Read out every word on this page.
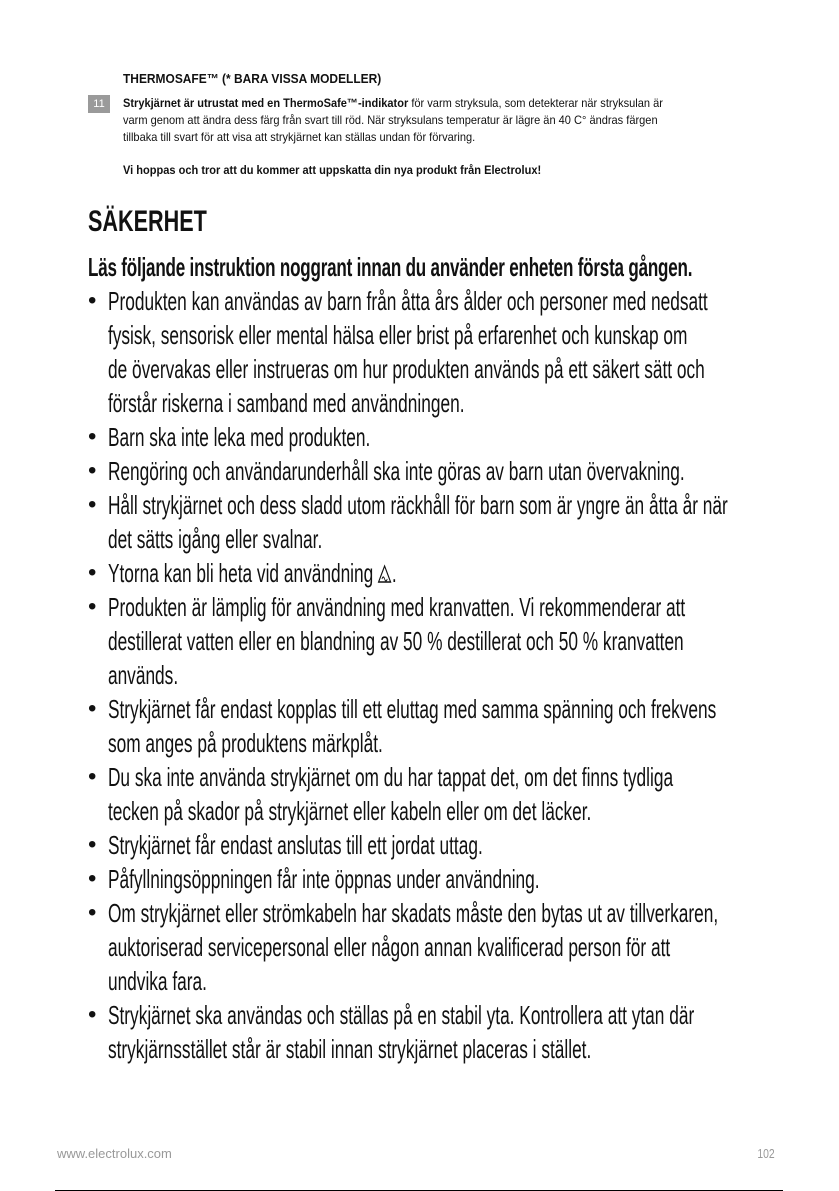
THERMOSAFE™ (* BARA VISSA MODELLER)
11	Strykjärnet är utrustat med en ThermoSafe™-indikator för varm stryksula, som detekterar när stryksulan är
varm genom att ändra dess färg från svart till röd. När stryksulans temperatur är lägre än 40 C° ändras färgen
tillbaka till svart för att visa att strykjärnet kan ställas undan för förvaring.
Vi hoppas och tror att du kommer att uppskatta din nya produkt från Electrolux!
SÄKERHET
Läs följande instruktion noggrant innan du använder enheten första gången.
• Produkten kan användas av barn från åtta års ålder och personer med nedsatt
fysisk, sensorisk eller mental hälsa eller brist på erfarenhet och kunskap om
de övervakas eller instrueras om hur produkten används på ett säkert sätt och
förstår riskerna i samband med användningen.
• Barn ska inte leka med produkten.
• Rengöring och användarunderhåll ska inte göras av barn utan övervakning.
• Håll strykjärnet och dess sladd utom räckhåll för barn som är yngre än åtta år när
det sätts igång eller svalnar.
• Ytorna kan bli heta vid användning .
• Produkten är lämplig för användning med kranvatten. Vi rekommenderar att
destillerat vatten eller en blandning av 50 % destillerat och 50 % kranvatten
används.
• Strykjärnet får endast kopplas till ett eluttag med samma spänning och frekvens
som anges på produktens märkplåt.
• Du ska inte använda strykjärnet om du har tappat det, om det finns tydliga
tecken på skador på strykjärnet eller kabeln eller om det läcker.
• Strykjärnet får endast anslutas till ett jordat uttag.
• Påfyllningsöppningen får inte öppnas under användning.
• Om strykjärnet eller strömkabeln har skadats måste den bytas ut av tillverkaren,
auktoriserad servicepersonal eller någon annan kvalificerad person för att
undvika fara.
• Strykjärnet ska användas och ställas på en stabil yta. Kontrollera att ytan där
strykjärnsstället står är stabil innan strykjärnet placeras i stället.
www.electrolux.com	102
